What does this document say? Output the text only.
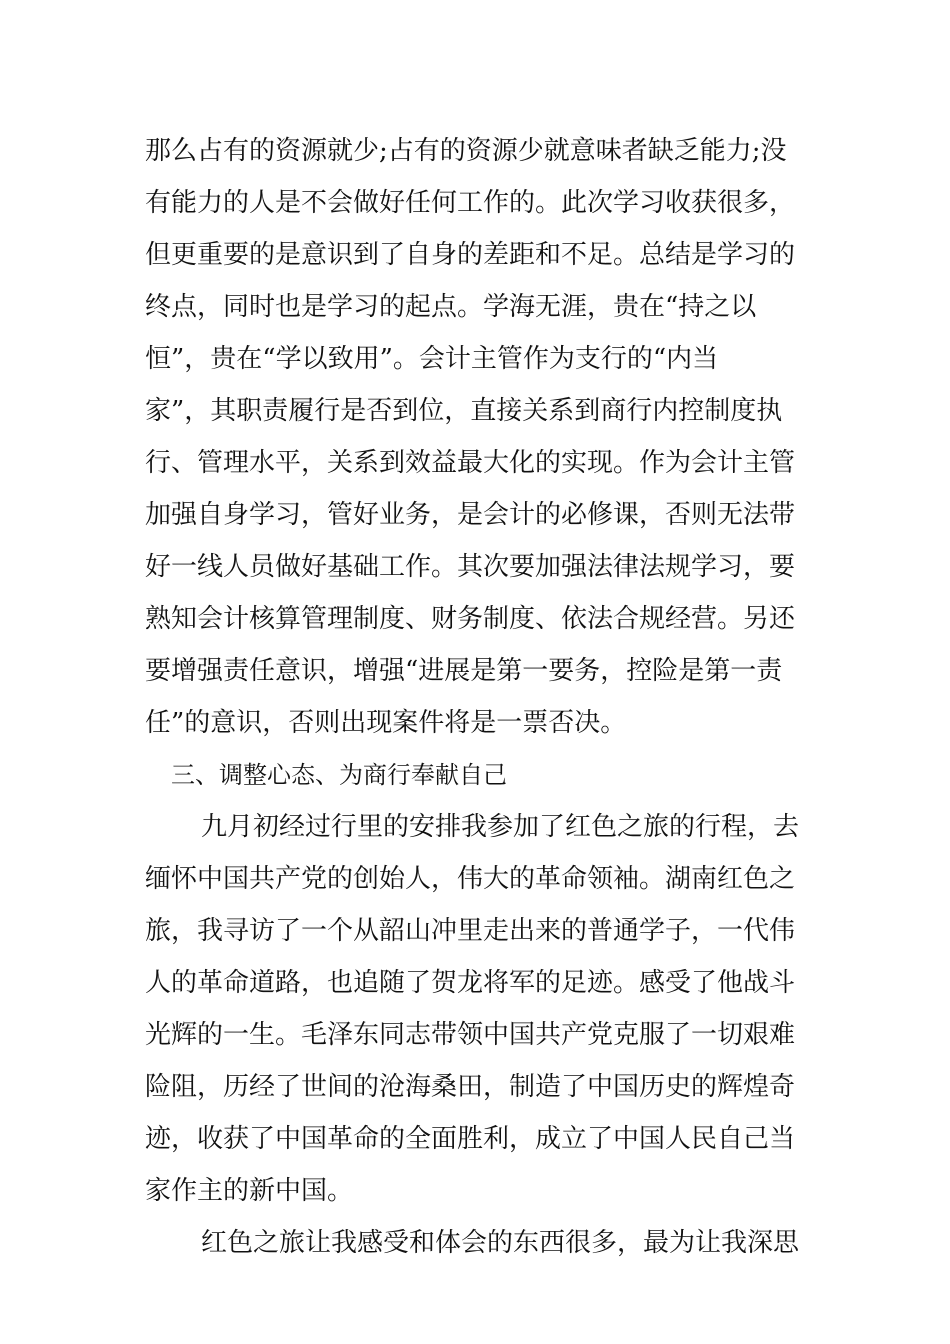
那么占有的资源就少;占有的资源少就意味者缺乏能力;没
有能力的人是不会做好任何工作的。此次学习收获很多，
但更重要的是意识到了自身的差距和不足。总结是学习的
终点，同时也是学习的起点。学海无涯，贵在“持之以
恒”，贵在“学以致用”。会计主管作为支行的“内当
家”，其职责履行是否到位，直接关系到商行内控制度执
行、管理水平，关系到效益最大化的实现。作为会计主管
加强自身学习，管好业务，是会计的必修课，否则无法带
好一线人员做好基础工作。其次要加强法律法规学习，要
熟知会计核算管理制度、财务制度、依法合规经营。另还
要增强责任意识，增强“进展是第一要务，控险是第一责
任”的意识，否则出现案件将是一票否决。
三、调整心态、为商行奉献自己
九月初经过行里的安排我参加了红色之旅的行程，去
缅怀中国共产党的创始人，伟大的革命领袖。湖南红色之
旅，我寻访了一个从韶山冲里走出来的普通学子，一代伟
人的革命道路，也追随了贺龙将军的足迹。感受了他战斗
光辉的一生。毛泽东同志带领中国共产党克服了一切艰难
险阻，历经了世间的沧海桑田，制造了中国历史的辉煌奇
迹，收获了中国革命的全面胜利，成立了中国人民自己当
家作主的新中国。
红色之旅让我感受和体会的东西很多，最为让我深思
